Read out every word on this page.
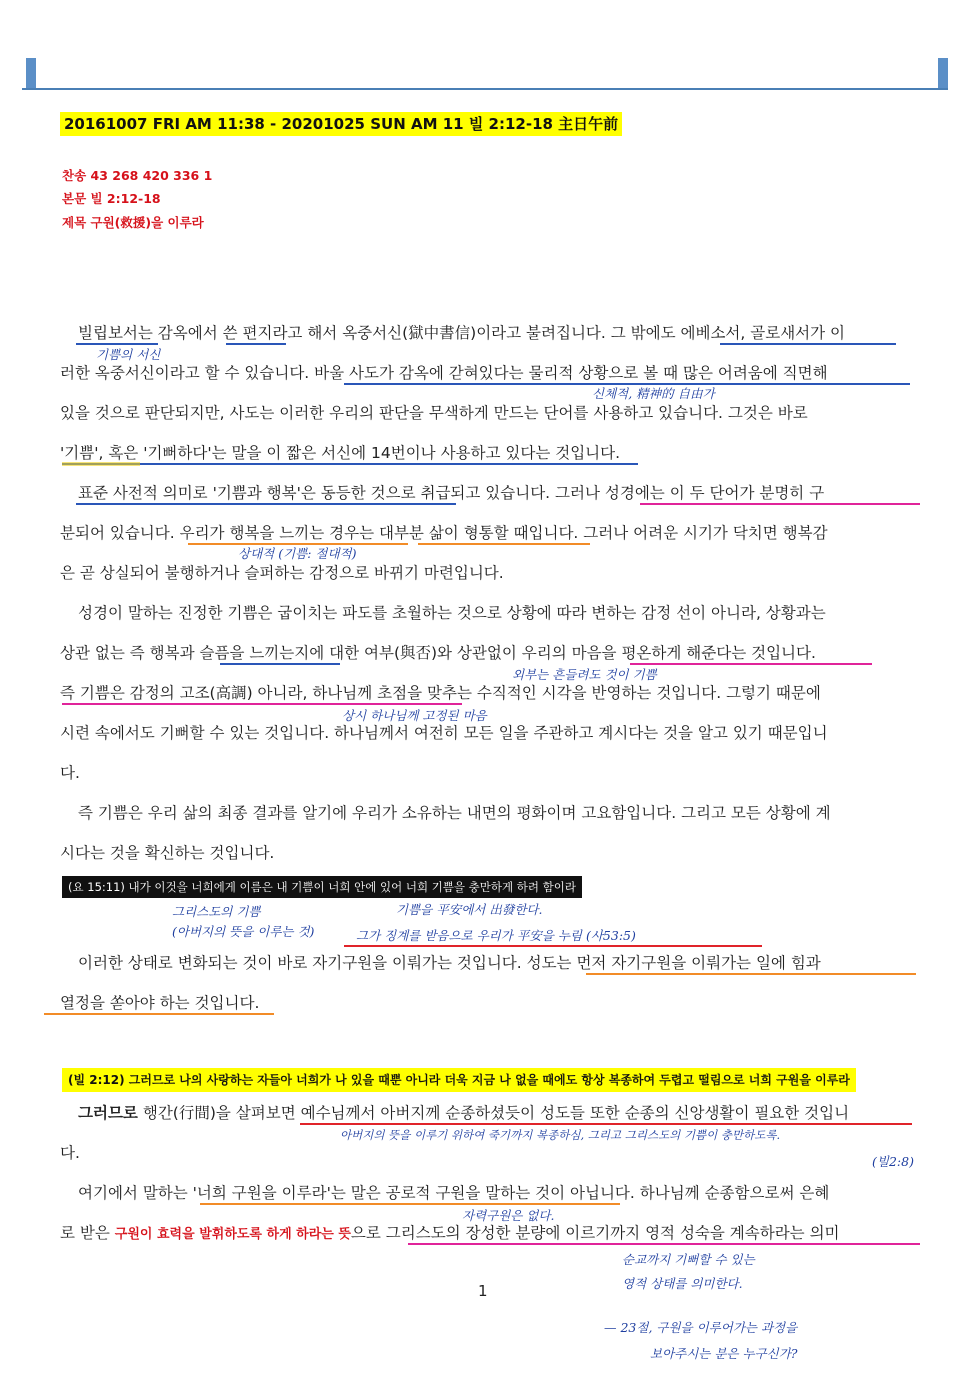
20161007 FRI AM 11:38 - 20201025 SUN AM 11 빌 2:12-18 主日午前
찬송 43 268 420 336 1
본문 빌 2:12-18
제목 구원(救援)을 이루라
빌립보서는 감옥에서 쓴 편지라고 해서 옥중서신(獄中書信)이라고 불려집니다. 그 밖에도 에베소서, 골로새서가 이
러한 옥중서신이라고 할 수 있습니다. 바울 사도가 감옥에 갇혀있다는 물리적 상황으로 볼 때 많은 어려움에 직면해
있을 것으로 판단되지만, 사도는 이러한 우리의 판단을 무색하게 만드는 단어를 사용하고 있습니다. 그것은 바로
'기쁨', 혹은 '기뻐하다'는 말을 이 짧은 서신에 14번이나 사용하고 있다는 것입니다.
표준 사전적 의미로 '기쁨과 행복'은 동등한 것으로 취급되고 있습니다. 그러나 성경에는 이 두 단어가 분명히 구
분되어 있습니다. 우리가 행복을 느끼는 경우는 대부분 삶이 형통할 때입니다. 그러나 어려운 시기가 닥치면 행복감
은 곧 상실되어 불행하거나 슬퍼하는 감정으로 바뀌기 마련입니다.
성경이 말하는 진정한 기쁨은 굽이치는 파도를 초월하는 것으로 상황에 따라 변하는 감정 선이 아니라, 상황과는
상관 없는 즉 행복과 슬픔을 느끼는지에 대한 여부(與否)와 상관없이 우리의 마음을 평온하게 해준다는 것입니다.
즉 기쁨은 감정의 고조(高調) 아니라, 하나님께 초점을 맞추는 수직적인 시각을 반영하는 것입니다. 그렇기 때문에
시련 속에서도 기뻐할 수 있는 것입니다. 하나님께서 여전히 모든 일을 주관하고 계시다는 것을 알고 있기 때문입니
다.
즉 기쁨은 우리 삶의 최종 결과를 알기에 우리가 소유하는 내면의 평화이며 고요함입니다. 그리고 모든 상황에 계
시다는 것을 확신하는 것입니다.
(요 15:11) 내가 이것을 너희에게 이름은 내 기쁨이 너희 안에 있어 너희 기쁨을 충만하게 하려 함이라
이러한 상태로 변화되는 것이 바로 자기구원을 이뤄가는 것입니다. 성도는 먼저 자기구원을 이뤄가는 일에 힘과
열정을 쏟아야 하는 것입니다.
(빌 2:12) 그러므로 나의 사랑하는 자들아 너희가 나 있을 때뿐 아니라 더욱 지금 나 없을 때에도 항상 복종하여 두렵고 떨림으로 너희 구원을 이루라
그러므로 행간(行間)을 살펴보면 예수님께서 아버지께 순종하셨듯이 성도들 또한 순종의 신앙생활이 필요한 것입니
다.
여기에서 말하는 '너희 구원을 이루라'는 말은 공로적 구원을 말하는 것이 아닙니다. 하나님께 순종함으로써 은혜
로 받은 구원이 효력을 발휘하도록 하게 하라는 뜻으로 그리스도의 장성한 분량에 이르기까지 영적 성숙을 계속하라는 의미
1
기쁨의 서신
신체적, 精神的 自由가
상대적 (기쁨: 절대적)
외부는 흔들려도 것이 기쁨
상시 하나님께 고정된 마음
그리스도의 기쁨
(아버지의 뜻을 이루는 것)
기쁨을 平安에서 出發한다.
그가 징계를 받음으로 우리가 平安을 누림 (사53:5)
아버지의 뜻을 이루기 위하여 죽기까지 복종하심, 그리고 그리스도의 기쁨이 충만하도록.
(빌2:8)
자력구원은 없다.
순교까지 기뻐할 수 있는
영적 상태를 의미한다.
— 23절, 구원을 이루어가는 과정을
보아주시는 분은 누구신가?
